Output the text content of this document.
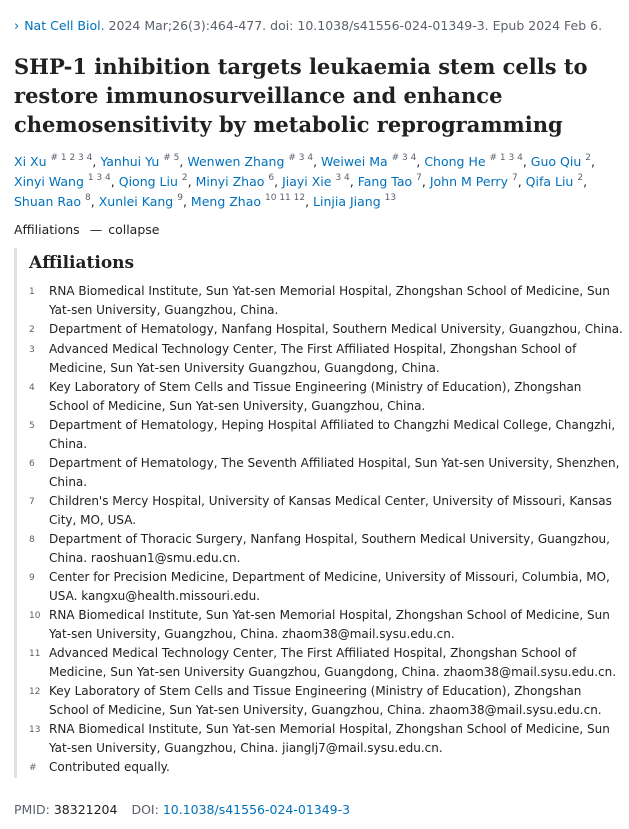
› Nat Cell Biol. 2024 Mar;26(3):464-477. doi: 10.1038/s41556-024-01349-3. Epub 2024 Feb 6.
SHP-1 inhibition targets leukaemia stem cells to restore immunosurveillance and enhance chemosensitivity by metabolic reprogramming
Xi Xu $^{\# 1 2 3 4}$, Yanhui Yu $^{\# 5}$, Wenwen Zhang $^{\# 3 4}$, Weiwei Ma $^{\# 3 4}$, Chong He $^{\# 1 3 4}$, Guo Qiu $^2$, Xinyi Wang $^{1 3 4}$, Qiong Liu $^2$, Minyi Zhao $^6$, Jiayi Xie $^{3 4}$, Fang Tao $^7$, John M Perry $^7$, Qifa Liu $^2$, Shuan Rao $^8$, Xunlei Kang $^9$, Meng Zhao $^{10 11 12}$, Linjia Jiang $^{13}$
Affiliations — collapse
Affiliations
1	RNA Biomedical Institute, Sun Yat-sen Memorial Hospital, Zhongshan School of Medicine, Sun Yat-sen University, Guangzhou, China.
2	Department of Hematology, Nanfang Hospital, Southern Medical University, Guangzhou, China.
3	Advanced Medical Technology Center, The First Affiliated Hospital, Zhongshan School of Medicine, Sun Yat-sen University Guangzhou, Guangdong, China.
4	Key Laboratory of Stem Cells and Tissue Engineering (Ministry of Education), Zhongshan School of Medicine, Sun Yat-sen University, Guangzhou, China.
5	Department of Hematology, Heping Hospital Affiliated to Changzhi Medical College, Changzhi, China.
6	Department of Hematology, The Seventh Affiliated Hospital, Sun Yat-sen University, Shenzhen, China.
7	Children's Mercy Hospital, University of Kansas Medical Center, University of Missouri, Kansas City, MO, USA.
8	Department of Thoracic Surgery, Nanfang Hospital, Southern Medical University, Guangzhou, China. raoshuan1@smu.edu.cn.
9	Center for Precision Medicine, Department of Medicine, University of Missouri, Columbia, MO, USA. kangxu@health.missouri.edu.
10 RNA Biomedical Institute, Sun Yat-sen Memorial Hospital, Zhongshan School of Medicine, Sun Yat-sen University, Guangzhou, China. zhaom38@mail.sysu.edu.cn.
11 Advanced Medical Technology Center, The First Affiliated Hospital, Zhongshan School of Medicine, Sun Yat-sen University Guangzhou, Guangdong, China. zhaom38@mail.sysu.edu.cn.
12 Key Laboratory of Stem Cells and Tissue Engineering (Ministry of Education), Zhongshan School of Medicine, Sun Yat-sen University, Guangzhou, China. zhaom38@mail.sysu.edu.cn.
13 RNA Biomedical Institute, Sun Yat-sen Memorial Hospital, Zhongshan School of Medicine, Sun Yat-sen University, Guangzhou, China. jianglj7@mail.sysu.edu.cn.
#	Contributed equally.
PMID: 38321204 DOI: 10.1038/s41556-024-01349-3
